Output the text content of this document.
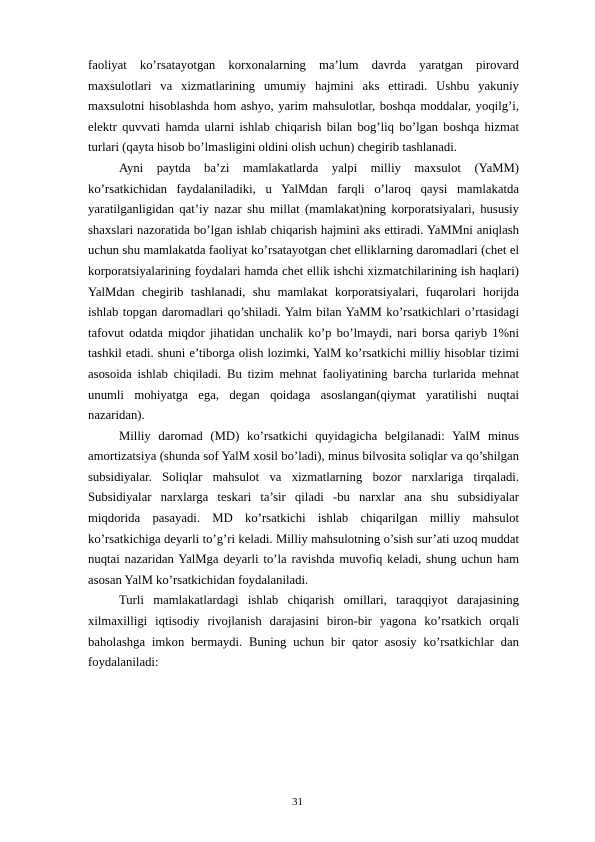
faoliyat ko’rsatayotgan korxonalarning ma’lum davrda yaratgan pirovard maxsulotlari va xizmatlarining umumiy hajmini aks ettiradi. Ushbu yakuniy maxsulotni hisoblashda hom ashyo, yarim mahsulotlar, boshqa moddalar, yoqilg’i, elektr quvvati hamda ularni ishlab chiqarish bilan bog’liq bo’lgan boshqa hizmat turlari (qayta hisob bo’lmasligini oldini olish uchun) chegirib tashlanadi.

Ayni paytda ba’zi mamlakatlarda yalpi milliy maxsulot (YaMM) ko’rsatkichidan faydalaniladiki, u YalMdan farqli o’laroq qaysi mamlakatda yaratilganligidan qat’iy nazar shu millat (mamlakat)ning korporatsiyalari, hususiy shaxslari nazoratida bo’lgan ishlab chiqarish hajmini aks ettiradi. YaMMni aniqlash uchun shu mamlakatda faoliyat ko’rsatayotgan chet elliklarning daromadlari (chet el korporatsiyalarining foydalari hamda chet ellik ishchi xizmatchilarining ish haqlari) YalMdan chegirib tashlanadi, shu mamlakat korporatsiyalari, fuqarolari horijda ishlab topgan daromadlari qo’shiladi. Yalm bilan YaMM ko’rsatkichlari o’rtasidagi tafovut odatda miqdor jihatidan unchalik ko’p bo’lmaydi, nari borsa qariyb 1%ni tashkil etadi. shuni e’tiborga olish lozimki, YalM ko’rsatkichi milliy hisoblar tizimi asosoida ishlab chiqiladi. Bu tizim mehnat faoliyatining barcha turlarida mehnat unumli mohiyatga ega, degan qoidaga asoslangan(qiymat yaratilishi nuqtai nazaridan).

Milliy daromad (MD) ko’rsatkichi quyidagicha belgilanadi: YalM minus amortizatsiya (shunda sof YalM xosil bo’ladi), minus bilvosita soliqlar va qo’shilgan subsidiyalar. Soliqlar mahsulot va xizmatlarning bozor narxlariga tirqaladi. Subsidiyalar narxlarga teskari ta’sir qiladi -bu narxlar ana shu subsidiyalar miqdorida pasayadi. MD ko’rsatkichi ishlab chiqarilgan milliy mahsulot ko’rsatkichiga deyarli to’g’ri keladi. Milliy mahsulotning o’sish sur’ati uzoq muddat nuqtai nazaridan YalMga deyarli to’la ravishda muvofiq keladi, shung uchun ham asosan YalM ko’rsatkichidan foydalaniladi.

Turli mamlakatlardagi ishlab chiqarish omillari, taraqqiyot darajasining xilmaxilligi iqtisodiy rivojlanish darajasini biron-bir yagona ko’rsatkich orqali baholashga imkon bermaydi. Buning uchun bir qator asosiy ko’rsatkichlar dan foydalaniladi:

31
